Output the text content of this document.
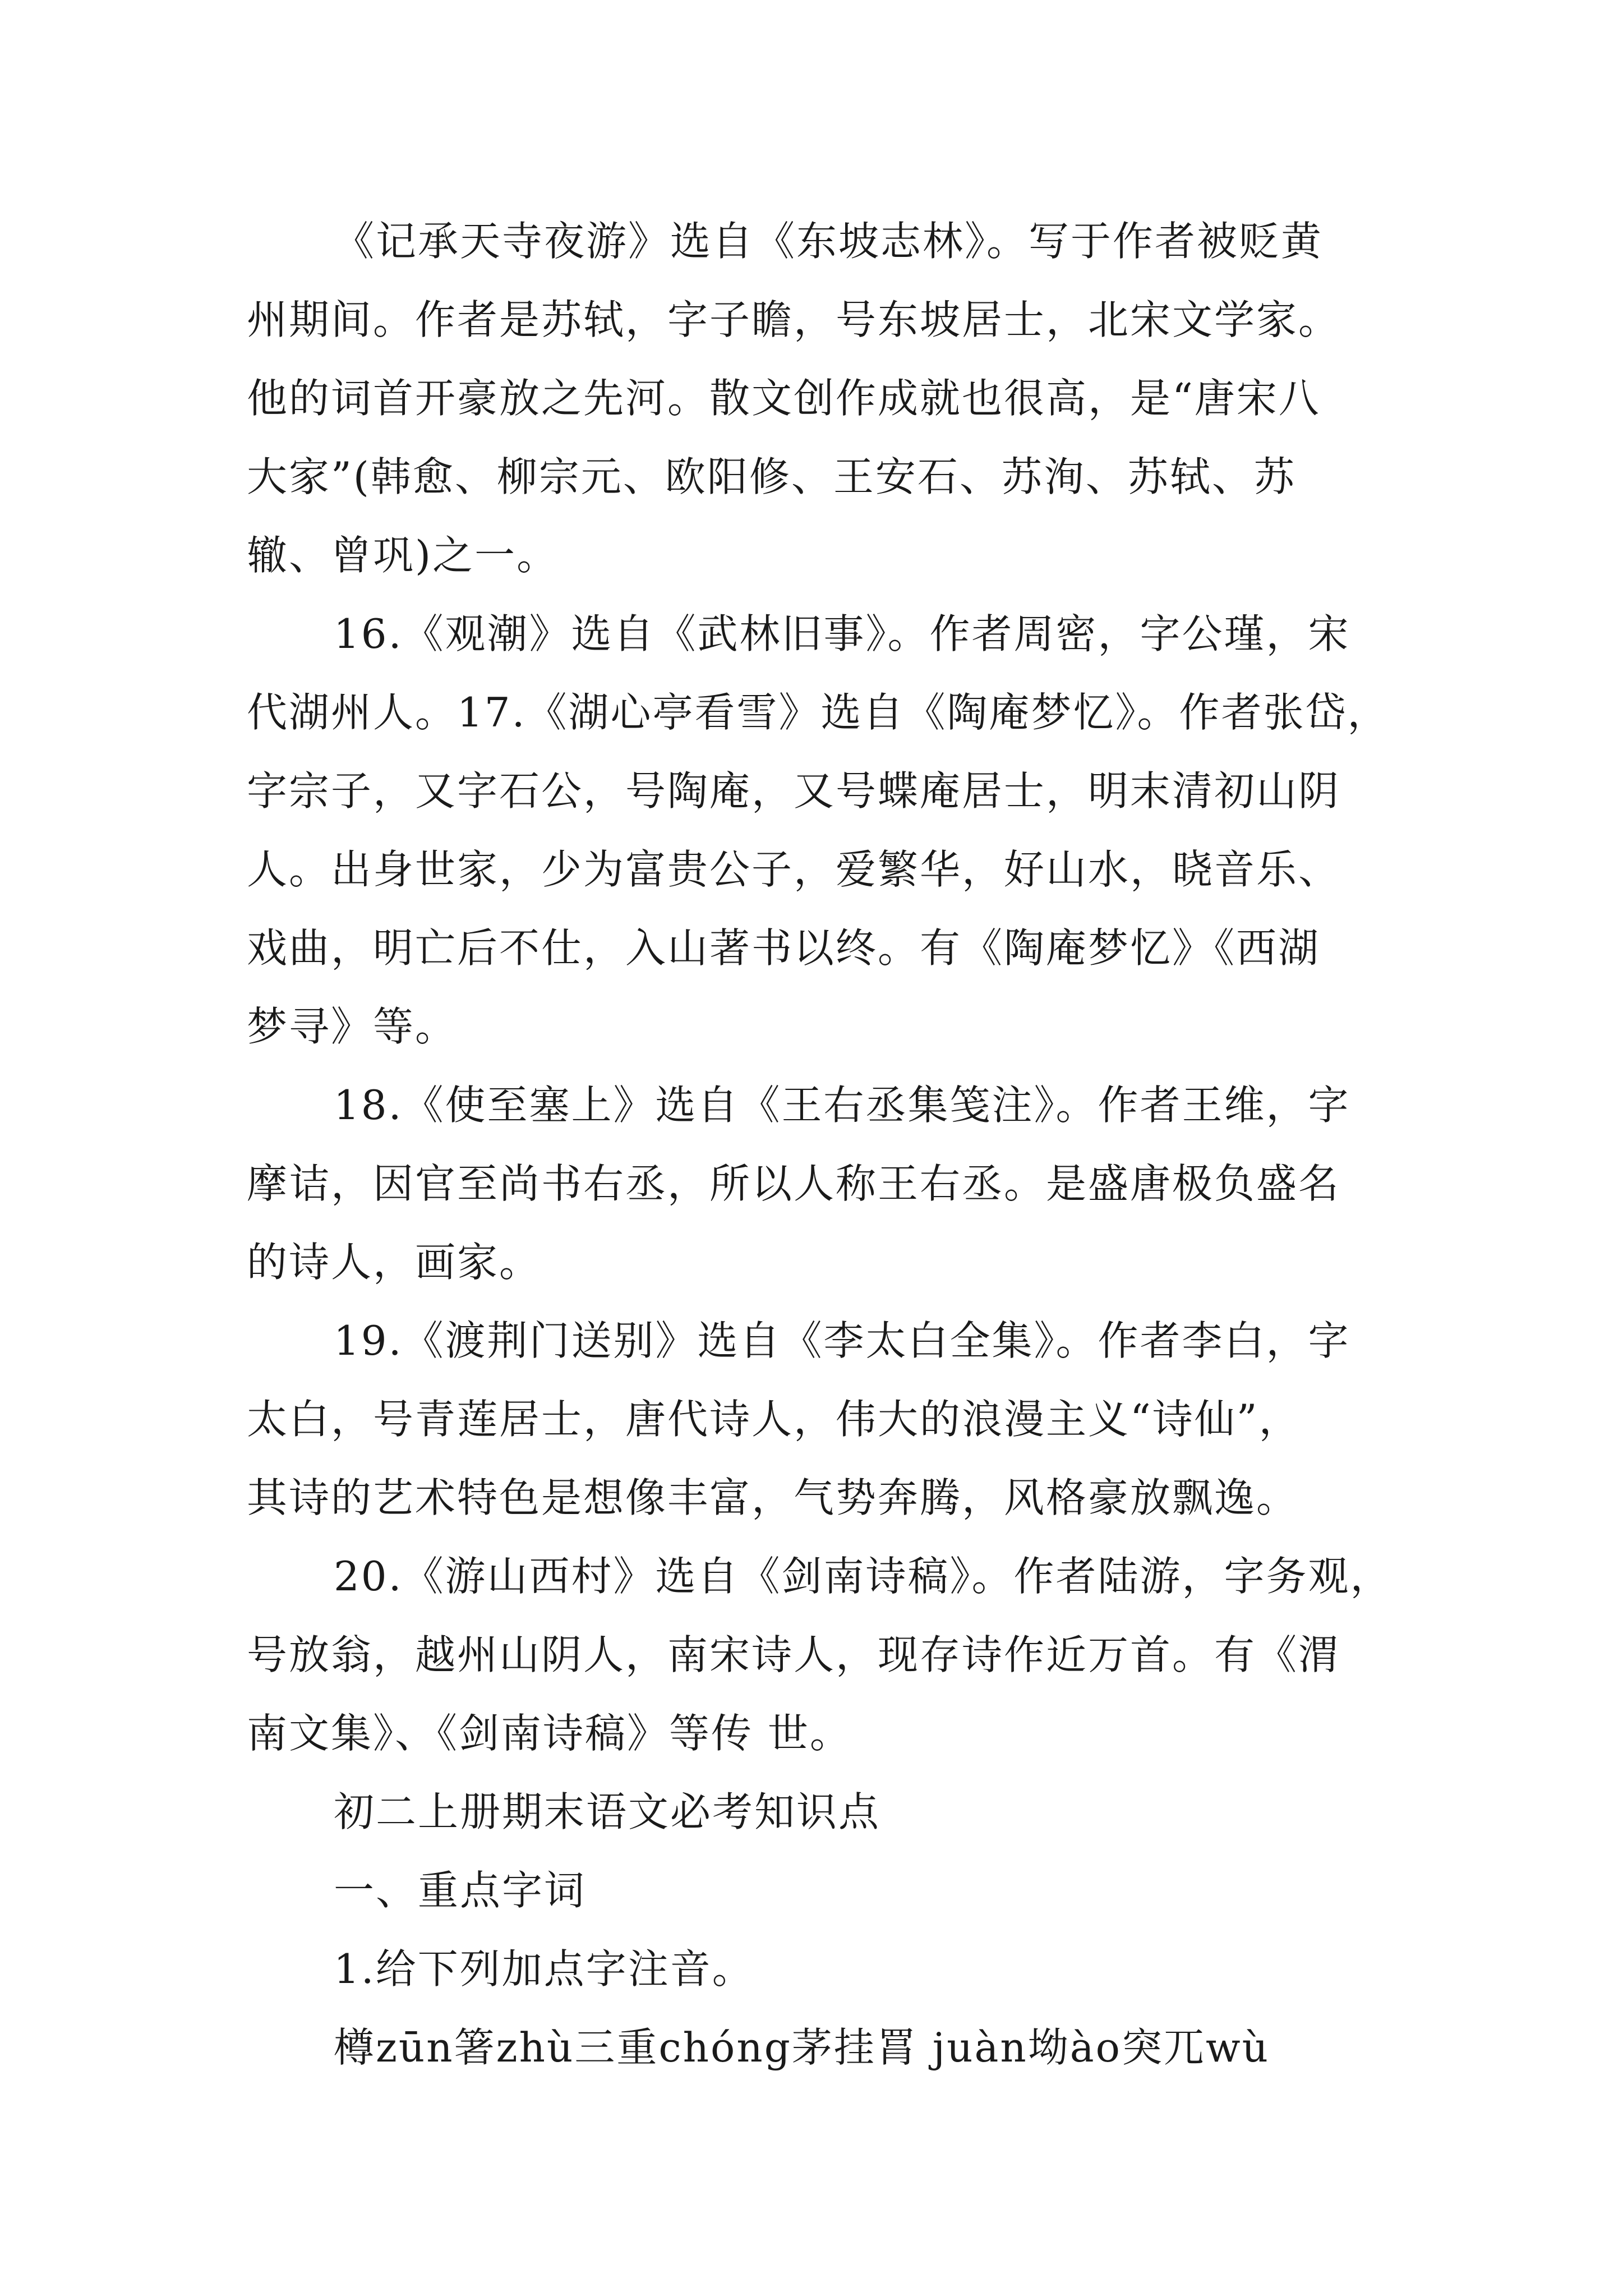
《记承天寺夜游》选自《东坡志林》。写于作者被贬黄
州期间。作者是苏轼，字子瞻，号东坡居士，北宋文学家。
他的词首开豪放之先河。散文创作成就也很高，是“唐宋八
大家”(韩愈、柳宗元、欧阳修、王安石、苏洵、苏轼、苏
辙、曾巩)之一。
16.《观潮》选自《武林旧事》。作者周密，字公瑾，宋
代湖州人。17.《湖心亭看雪》选自《陶庵梦忆》。作者张岱，
字宗子，又字石公，号陶庵，又号蝶庵居士，明末清初山阴
人。出身世家，少为富贵公子，爱繁华，好山水，晓音乐、
戏曲，明亡后不仕，入山著书以终。有《陶庵梦忆》《西湖
梦寻》等。
18.《使至塞上》选自《王右丞集笺注》。作者王维，字
摩诘，因官至尚书右丞，所以人称王右丞。是盛唐极负盛名
的诗人，画家。
19.《渡荆门送别》选自《李太白全集》。作者李白，字
太白，号青莲居士，唐代诗人，伟大的浪漫主义“诗仙”，
其诗的艺术特色是想像丰富，气势奔腾，风格豪放飘逸。
20.《游山西村》选自《剑南诗稿》。作者陆游，字务观，
号放翁，越州山阴人，南宋诗人，现存诗作近万首。有《渭
南文集》、《剑南诗稿》等传 世。
初二上册期末语文必考知识点
一、重点字词
1.给下列加点字注音。
樽zūn箸zhù三重chóng茅挂罥 juàn坳ào突兀wù
